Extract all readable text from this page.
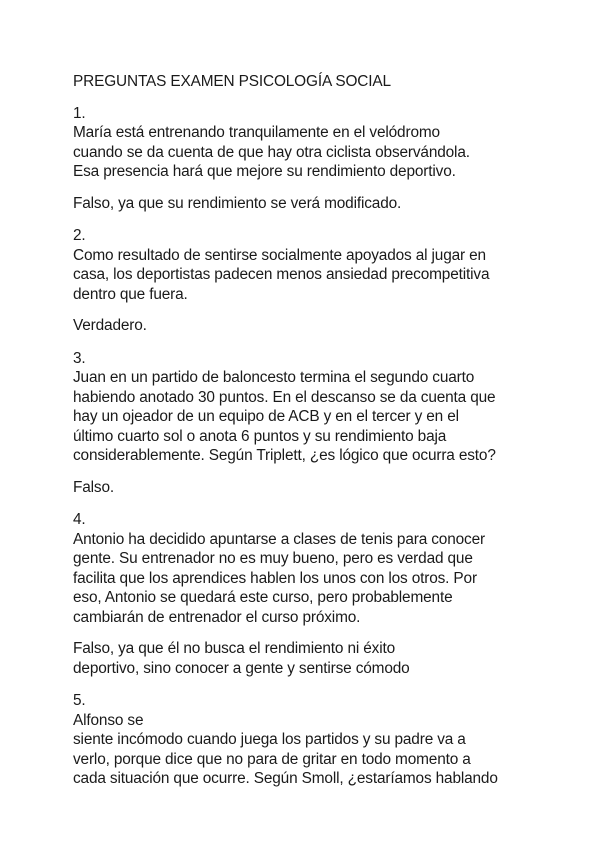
PREGUNTAS EXAMEN PSICOLOGÍA SOCIAL

1.
María está entrenando tranquilamente en el velódromo
cuando se da cuenta de que hay otra ciclista observándola.
Esa presencia hará que mejore su rendimiento deportivo.
Falso, ya que su rendimiento se verá modificado.
2.
Como resultado de sentirse socialmente apoyados al jugar en
casa, los deportistas padecen menos ansiedad precompetitiva
dentro que fuera.
Verdadero.
3.
Juan en un partido de baloncesto termina el segundo cuarto
habiendo anotado 30 puntos. En el descanso se da cuenta que
hay un ojeador de un equipo de ACB y en el tercer y en el
último cuarto sol o anota 6 puntos y su rendimiento baja
considerablemente. Según Triplett, ¿es lógico que ocurra esto?
Falso.
4.
Antonio ha decidido apuntarse a clases de tenis para conocer
gente. Su entrenador no es muy bueno, pero es verdad que
facilita que los aprendices hablen los unos con los otros. Por
eso, Antonio se quedará este curso, pero probablemente
cambiarán de entrenador el curso próximo.
Falso, ya que él no busca el rendimiento ni éxito
deportivo, sino conocer a gente y sentirse cómodo
5.
Alfonso se
siente incómodo cuando juega los partidos y su padre va a
verlo, porque dice que no para de gritar en todo momento a
cada situación que ocurre. Según Smoll, ¿estaríamos hablando
